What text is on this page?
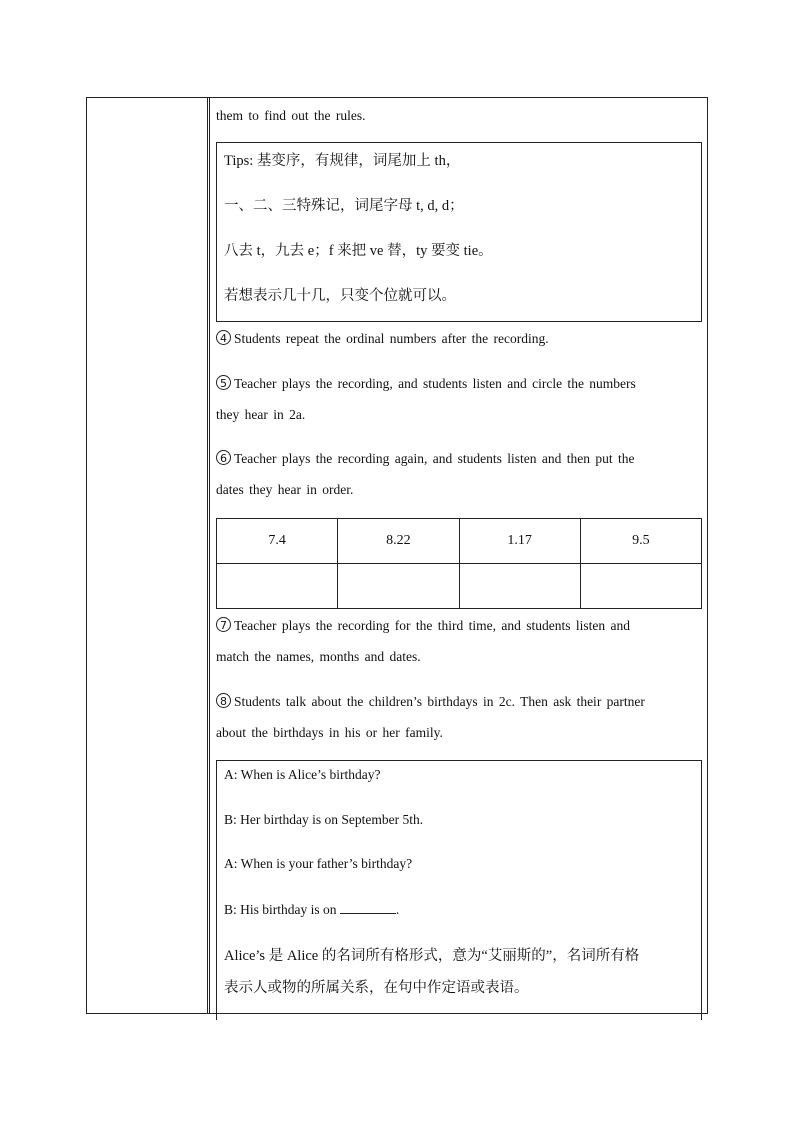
them to find out the rules.

Tips: 基变序，有规律，词尾加上 th，
一、二、三特殊记，词尾字母 t, d, d；
八去 t，九去 e；f 来把 ve 替，ty 要变 tie。
若想表示几十几，只变个位就可以。

4 Students repeat the ordinal numbers after the recording.

5 Teacher plays the recording, and students listen and circle the numbers

they hear in 2a.

6 Teacher plays the recording again, and students listen and then put the

dates they hear in order.

7.4	8.22	1.17	9.5

7 Teacher plays the recording for the third time, and students listen and

match the names, months and dates.

8 Students talk about the children’s birthdays in 2c. Then ask their partner

about the birthdays in his or her family.

A: When is Alice’s birthday?
B: Her birthday is on September 5th.
A: When is your father’s birthday?
B: His birthday is on	.
Alice’s 是 Alice 的名词所有格形式，意为“艾丽斯的”，名词所有格
表示人或物的所属关系，在句中作定语或表语。
